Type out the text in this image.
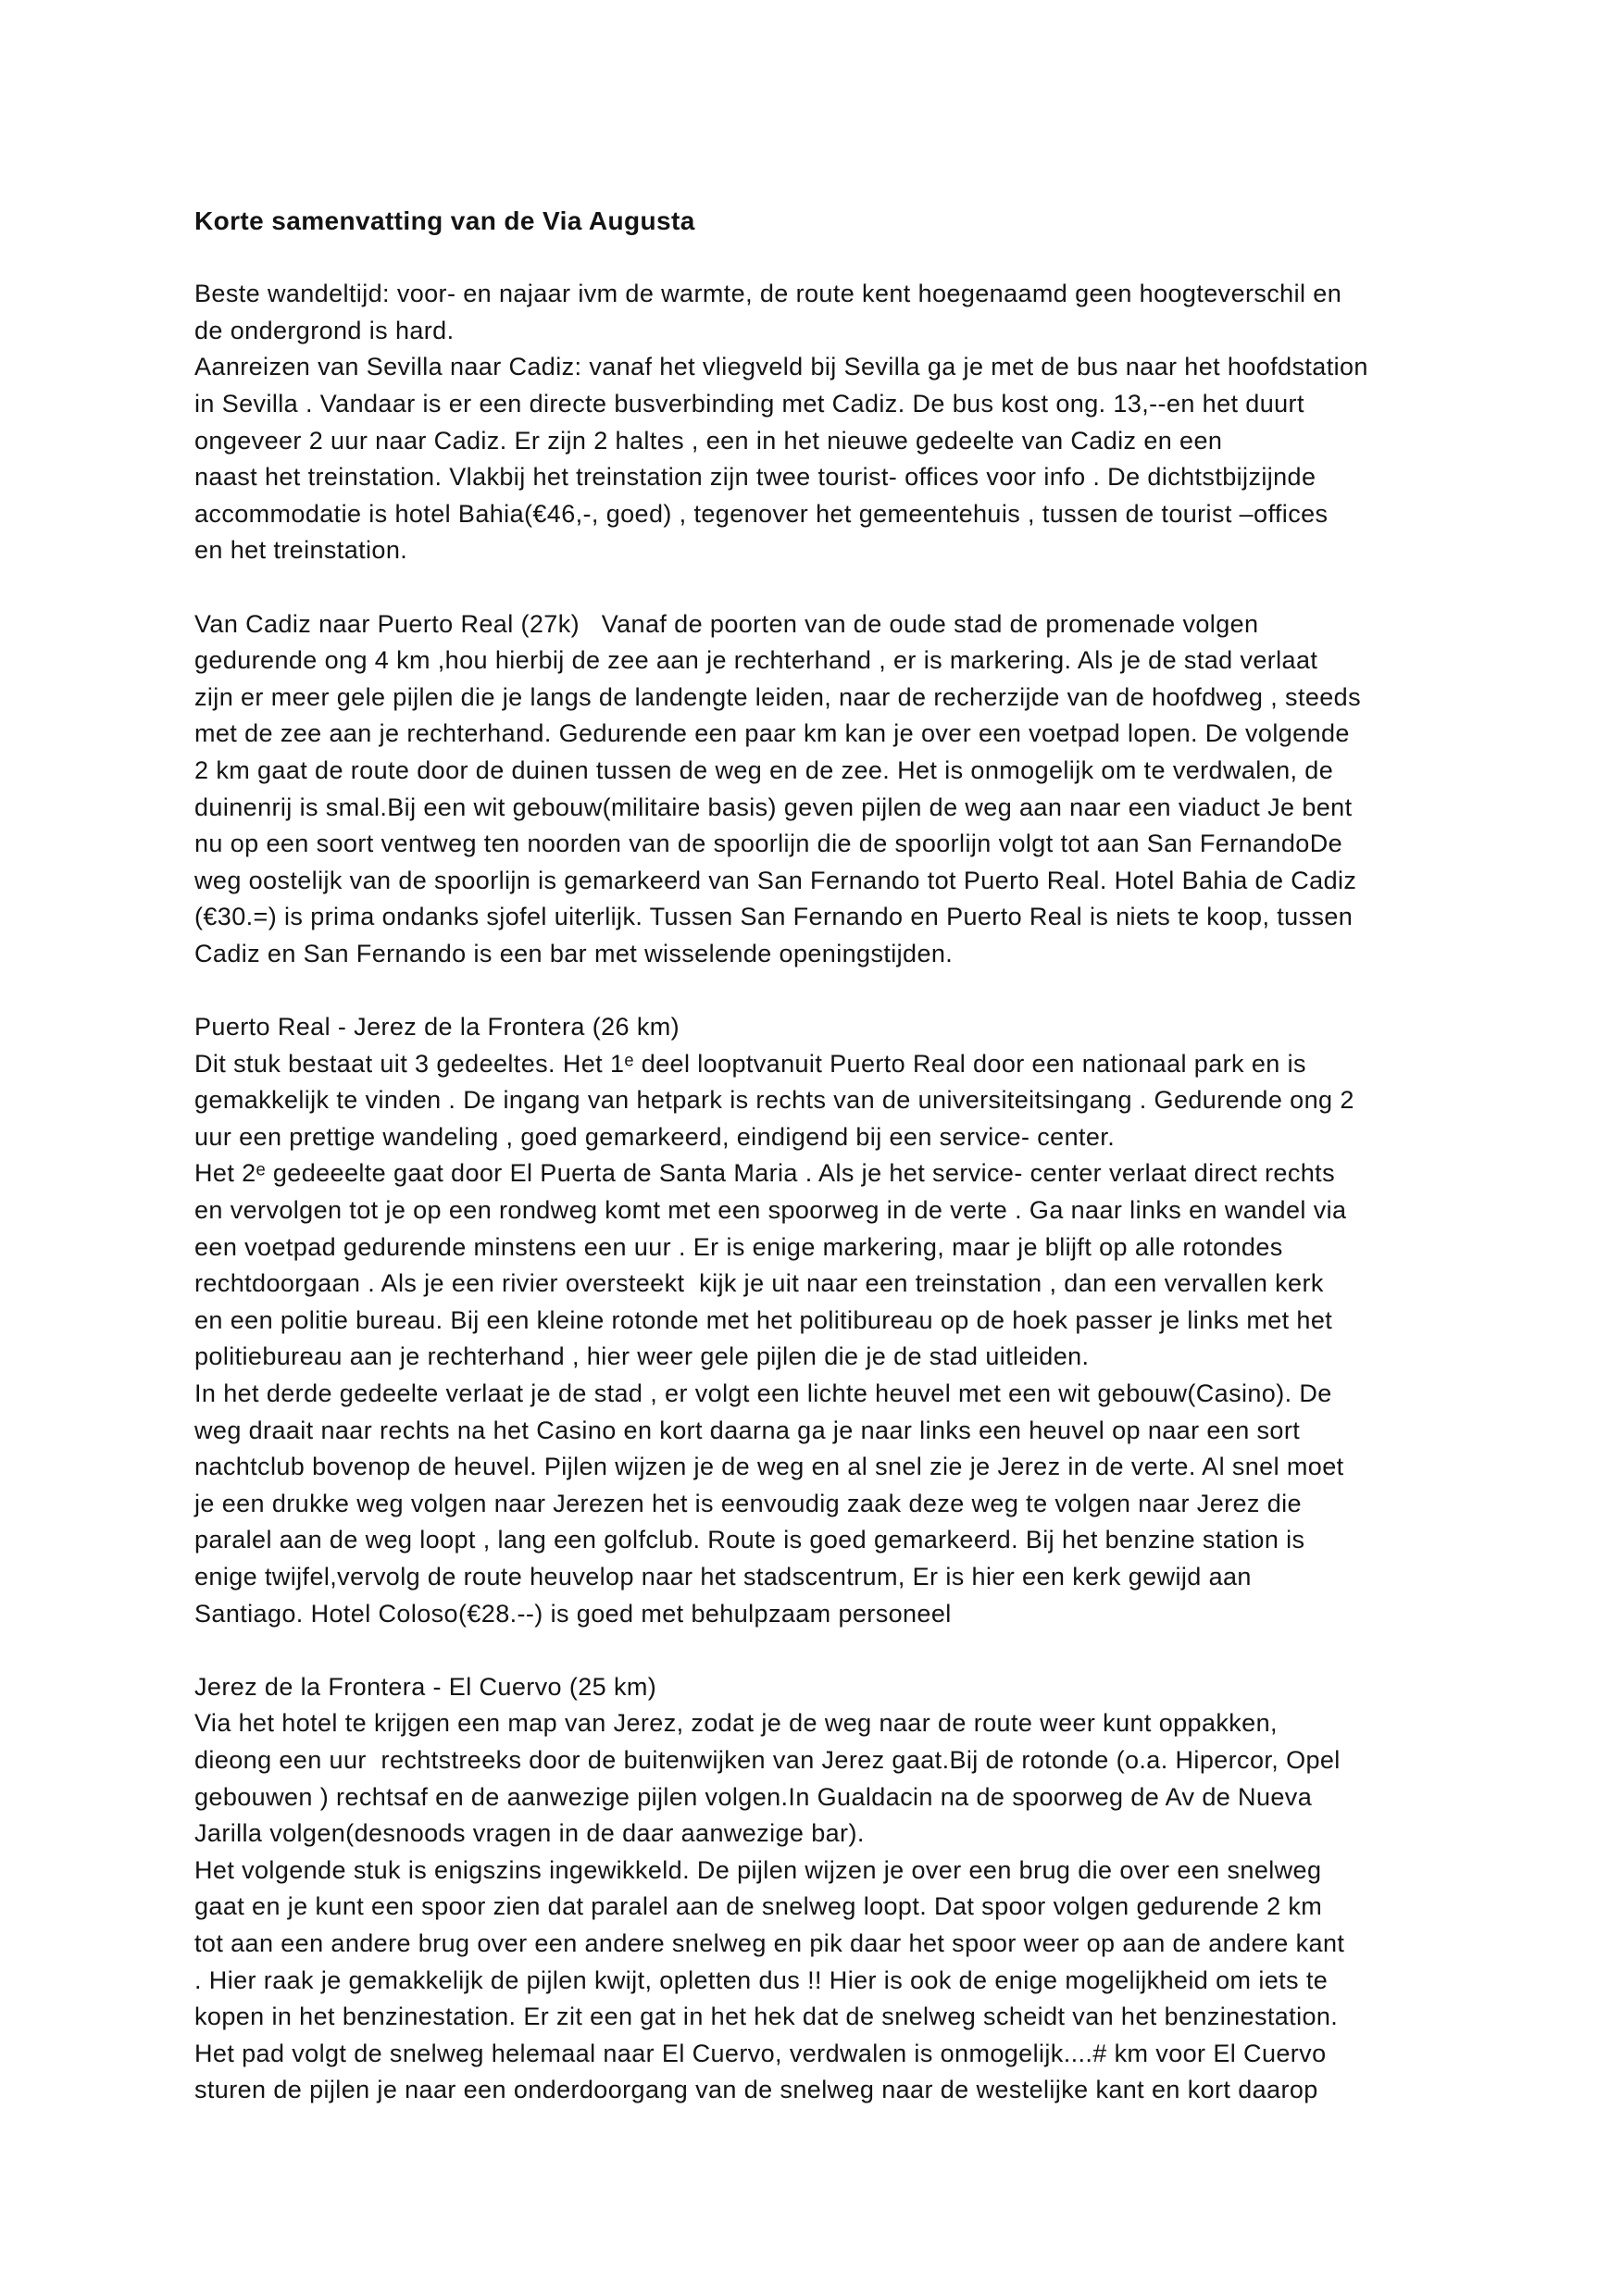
Korte samenvatting van de Via Augusta
Beste wandeltijd: voor- en najaar ivm de warmte, de route kent hoegenaamd geen hoogteverschil en
de ondergrond is hard.
Aanreizen van Sevilla naar Cadiz: vanaf het vliegveld bij Sevilla ga je met de bus naar het hoofdstation
in Sevilla . Vandaar is er een directe busverbinding met Cadiz. De bus kost ong. 13,--en het duurt
ongeveer 2 uur naar Cadiz. Er zijn 2 haltes , een in het nieuwe gedeelte van Cadiz en een
naast het treinstation. Vlakbij het treinstation zijn twee tourist- offices voor info . De dichtstbijzijnde
accommodatie is hotel Bahia(€46,-, goed) , tegenover het gemeentehuis , tussen de tourist –offices
en het treinstation.
Van Cadiz naar Puerto Real (27k)   Vanaf de poorten van de oude stad de promenade volgen
gedurende ong 4 km ,hou hierbij de zee aan je rechterhand , er is markering. Als je de stad verlaat
zijn er meer gele pijlen die je langs de landengte leiden, naar de recherzijde van de hoofdweg , steeds
met de zee aan je rechterhand. Gedurende een paar km kan je over een voetpad lopen. De volgende
2 km gaat de route door de duinen tussen de weg en de zee. Het is onmogelijk om te verdwalen, de
duinenrij is smal.Bij een wit gebouw(militaire basis) geven pijlen de weg aan naar een viaduct Je bent
nu op een soort ventweg ten noorden van de spoorlijn die de spoorlijn volgt tot aan San FernandoDe
weg oostelijk van de spoorlijn is gemarkeerd van San Fernando tot Puerto Real. Hotel Bahia de Cadiz
(€30.=) is prima ondanks sjofel uiterlijk. Tussen San Fernando en Puerto Real is niets te koop, tussen
Cadiz en San Fernando is een bar met wisselende openingstijden.
Puerto Real - Jerez de la Frontera (26 km)
Dit stuk bestaat uit 3 gedeeltes. Het 1ᵉ deel looptvanuit Puerto Real door een nationaal park en is
gemakkelijk te vinden . De ingang van hetpark is rechts van de universiteitsingang . Gedurende ong 2
uur een prettige wandeling , goed gemarkeerd, eindigend bij een service- center.
Het 2ᵉ gedeeelte gaat door El Puerta de Santa Maria . Als je het service- center verlaat direct rechts
en vervolgen tot je op een rondweg komt met een spoorweg in de verte . Ga naar links en wandel via
een voetpad gedurende minstens een uur . Er is enige markering, maar je blijft op alle rotondes
rechtdoorgaan . Als je een rivier oversteekt  kijk je uit naar een treinstation , dan een vervallen kerk
en een politie bureau. Bij een kleine rotonde met het politibureau op de hoek passer je links met het
politiebureau aan je rechterhand , hier weer gele pijlen die je de stad uitleiden.
In het derde gedeelte verlaat je de stad , er volgt een lichte heuvel met een wit gebouw(Casino). De
weg draait naar rechts na het Casino en kort daarna ga je naar links een heuvel op naar een sort
nachtclub bovenop de heuvel. Pijlen wijzen je de weg en al snel zie je Jerez in de verte. Al snel moet
je een drukke weg volgen naar Jerezen het is eenvoudig zaak deze weg te volgen naar Jerez die
paralel aan de weg loopt , lang een golfclub. Route is goed gemarkeerd. Bij het benzine station is
enige twijfel,vervolg de route heuvelop naar het stadscentrum, Er is hier een kerk gewijd aan
Santiago. Hotel Coloso(€28.--) is goed met behulpzaam personeel
Jerez de la Frontera - El Cuervo (25 km)
Via het hotel te krijgen een map van Jerez, zodat je de weg naar de route weer kunt oppakken,
dieong een uur  rechtstreeks door de buitenwijken van Jerez gaat.Bij de rotonde (o.a. Hipercor, Opel
gebouwen ) rechtsaf en de aanwezige pijlen volgen.In Gualdacin na de spoorweg de Av de Nueva
Jarilla volgen(desnoods vragen in de daar aanwezige bar).
Het volgende stuk is enigszins ingewikkeld. De pijlen wijzen je over een brug die over een snelweg
gaat en je kunt een spoor zien dat paralel aan de snelweg loopt. Dat spoor volgen gedurende 2 km
tot aan een andere brug over een andere snelweg en pik daar het spoor weer op aan de andere kant
. Hier raak je gemakkelijk de pijlen kwijt, opletten dus !! Hier is ook de enige mogelijkheid om iets te
kopen in het benzinestation. Er zit een gat in het hek dat de snelweg scheidt van het benzinestation.
Het pad volgt de snelweg helemaal naar El Cuervo, verdwalen is onmogelijk....# km voor El Cuervo
sturen de pijlen je naar een onderdoorgang van de snelweg naar de westelijke kant en kort daarop
